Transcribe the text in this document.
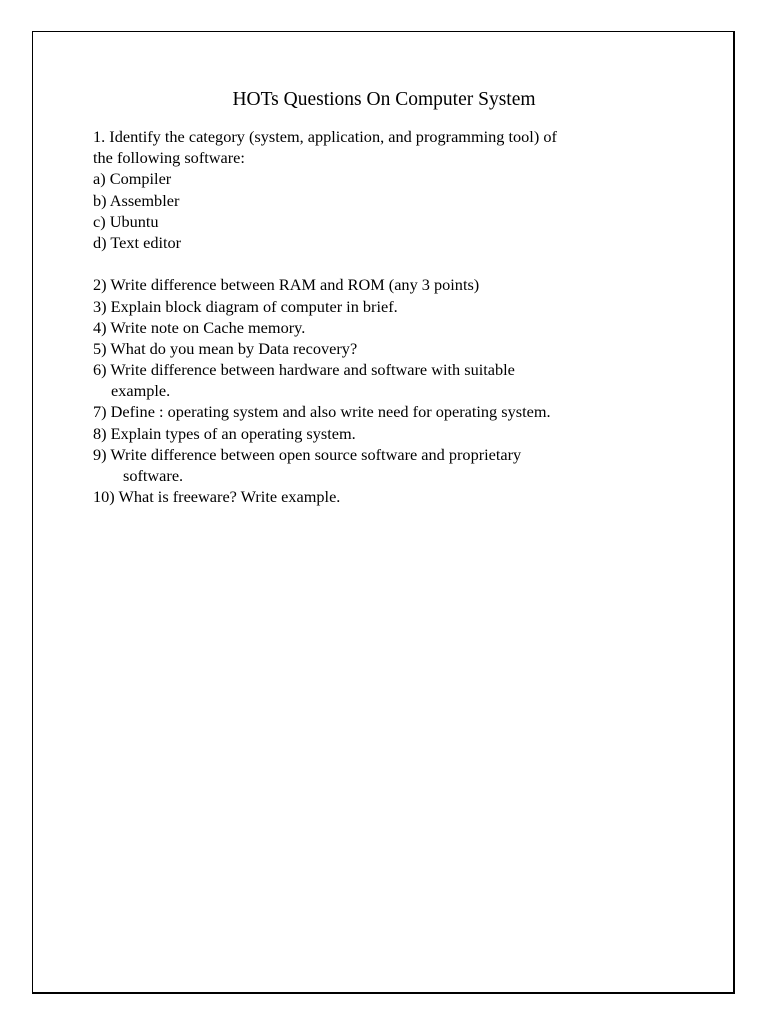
HOTs Questions On Computer System
1. Identify the category (system, application, and programming tool) of
the following software:
a) Compiler
b) Assembler
c) Ubuntu
d) Text editor
2) Write difference between RAM and ROM (any 3 points)
3) Explain block diagram of computer in brief.
4) Write note on Cache memory.
5) What do you mean by Data recovery?
6) Write difference between hardware and software with suitable
example.
7) Define : operating system and also write need for operating system.
8) Explain types of an operating system.
9) Write difference between open source software and proprietary
software.
10) What is freeware? Write example.
